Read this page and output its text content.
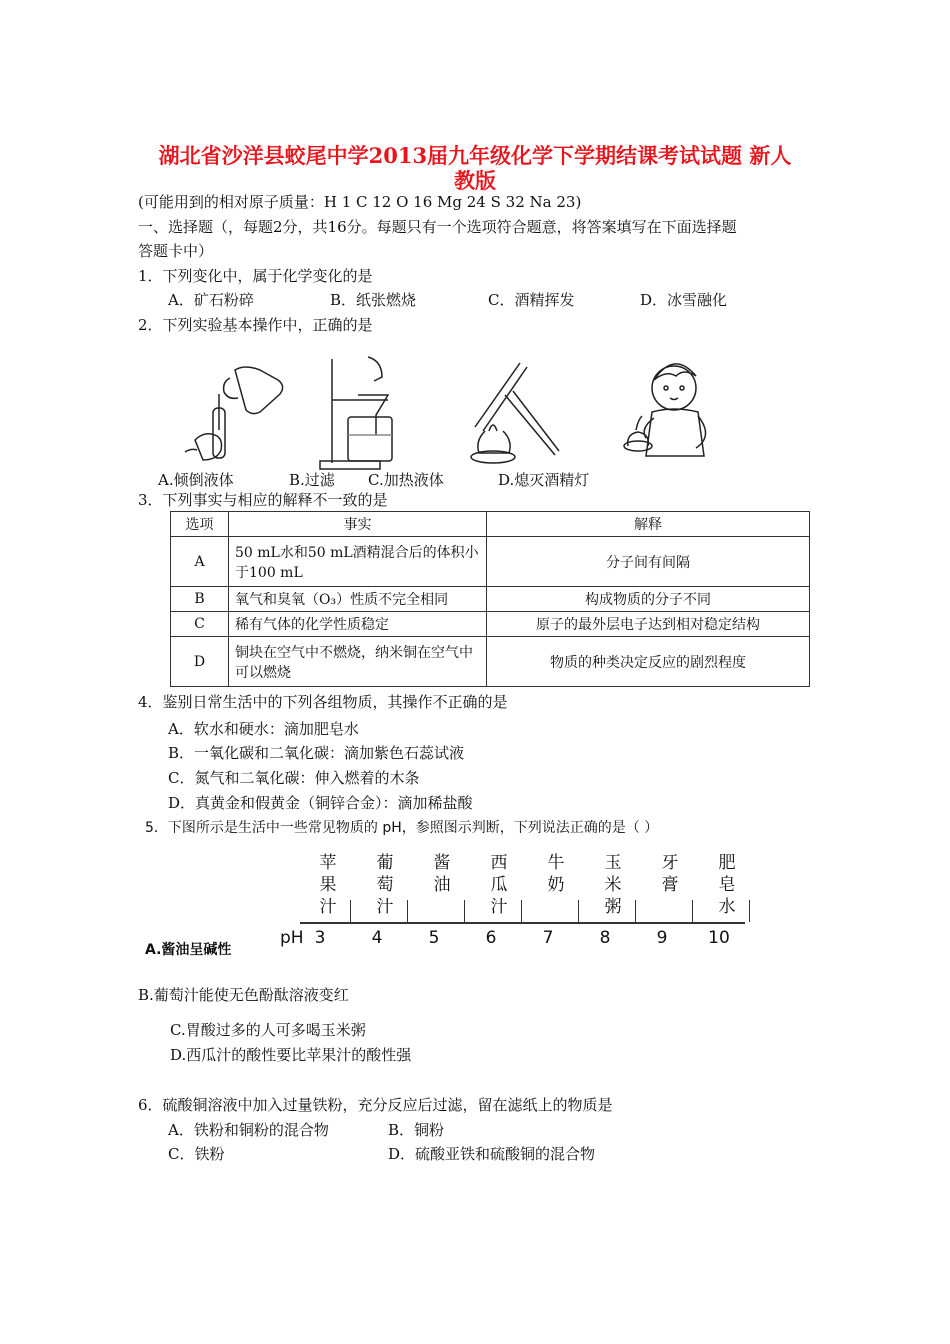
湖北省沙洋县蛟尾中学2013届九年级化学下学期结课考试试题 新人
教版
(可能用到的相对原子质量：H 1 C 12 O 16 Mg 24 S 32 Na 23)
一、选择题（，每题2分，共16分。每题只有一个选项符合题意，将答案填写在下面选择题
答题卡中）
1．下列变化中，属于化学变化的是
A．矿石粉碎	B．纸张燃烧	C．酒精挥发	D．冰雪融化
2．下列实验基本操作中，正确的是
A.倾倒液体	B.过滤 C.加热液体	D.熄灭酒精灯
3．下列事实与相应的解释不一致的是
选项	事实	解释
A	50 mL水和50 mL酒精混合后的体积小于100 mL	分子间有间隔
B	氧气和臭氧（O₃）性质不完全相同	构成物质的分子不同
C	稀有气体的化学性质稳定	原子的最外层电子达到相对稳定结构
D	铜块在空气中不燃烧，纳米铜在空气中可以燃烧	物质的种类决定反应的剧烈程度
4．鉴别日常生活中的下列各组物质，其操作不正确的是
A．软水和硬水：滴加肥皂水
B．一氧化碳和二氧化碳：滴加紫色石蕊试液
C．氮气和二氧化碳：伸入燃着的木条
D．真黄金和假黄金（铜锌合金）：滴加稀盐酸
5．下图所示是生活中一些常见物质的 pH，参照图示判断，下列说法正确的是（ ）
苹果汁
葡萄汁
酱油
西瓜汁
牛奶
玉米粥
牙膏
肥皂水
pH 3	4	5	6	7	8	9	10
A.酱油呈碱性
B.葡萄汁能使无色酚酞溶液变红
C.胃酸过多的人可多喝玉米粥
D.西瓜汁的酸性要比苹果汁的酸性强
6．硫酸铜溶液中加入过量铁粉，充分反应后过滤，留在滤纸上的物质是
A．铁粉和铜粉的混合物	B．铜粉
C．铁粉	D．硫酸亚铁和硫酸铜的混合物
